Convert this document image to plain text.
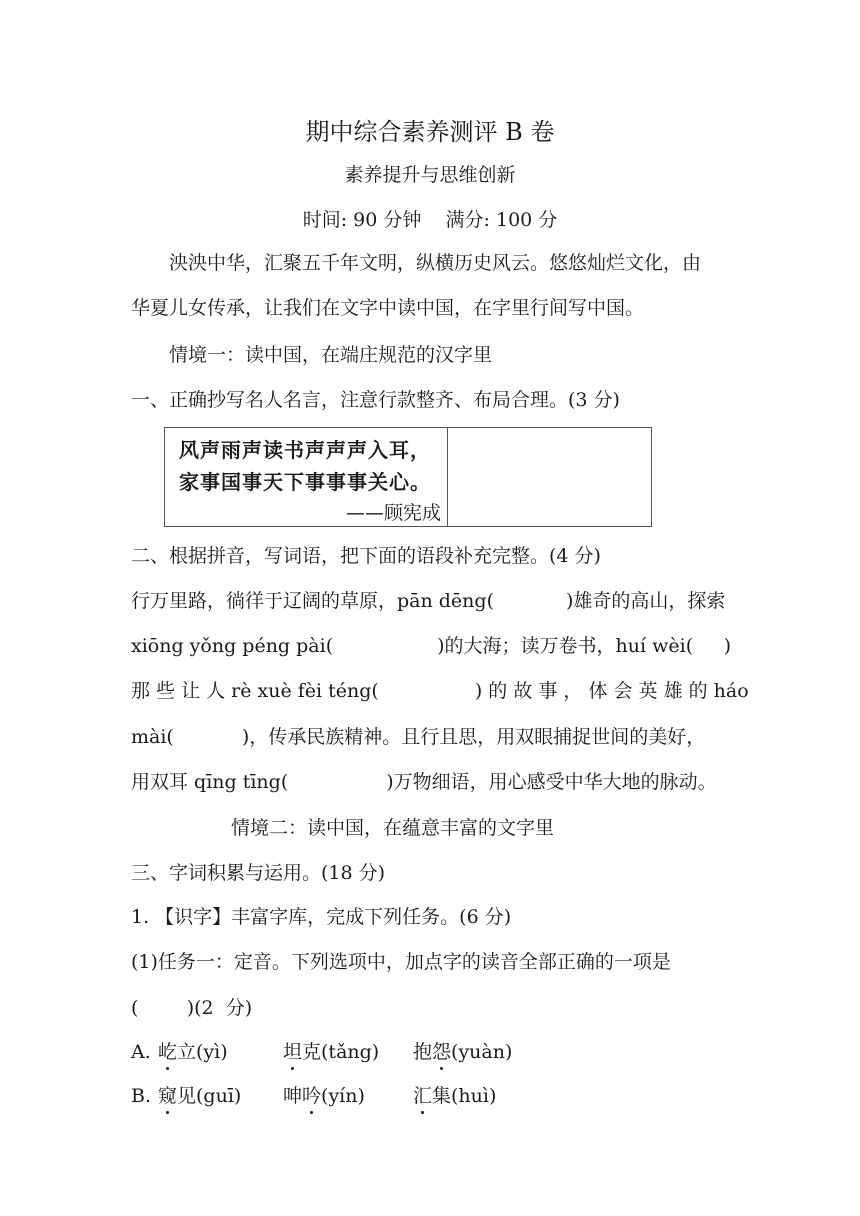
期中综合素养测评 B 卷
素养提升与思维创新
时间: 90 分钟    满分: 100 分
泱泱中华，汇聚五千年文明，纵横历史风云。悠悠灿烂文化，由
华夏儿女传承，让我们在文字中读中国，在字里行间写中国。
情境一：读中国，在端庄规范的汉字里
一、正确抄写名人名言，注意行款整齐、布局合理。(3 分)
风声雨声读书声声声入耳，
家事国事天下事事事关心。
——顾宪成
二、根据拼音，写词语，把下面的语段补充完整。(4 分)
行万里路，徜徉于辽阔的草原，pān dēng(	)雄奇的高山，探索
xiōng yǒng péng pài(	)的大海；读万卷书，huí wèi( )
那 些 让 人 rè xuè fèi téng(	) 的 故 事 ， 体 会 英 雄 的 háo
mài(	)，传承民族精神。且行且思，用双眼捕捉世间的美好，
用双耳 qīng tīng(	)万物细语，用心感受中华大地的脉动。
情境二：读中国，在蕴意丰富的文字里
三、字词积累与运用。(18 分)
1. 【识字】丰富字库，完成下列任务。(6 分)
(1)任务一：定音。下列选项中，加点字的读音全部正确的一项是
(        )(2  分)
A. 屹立(yì)	坦克(tǎng) 抱怨(yuàn)
B. 窥见(guī) 呻吟(yín)	汇集(huì)
